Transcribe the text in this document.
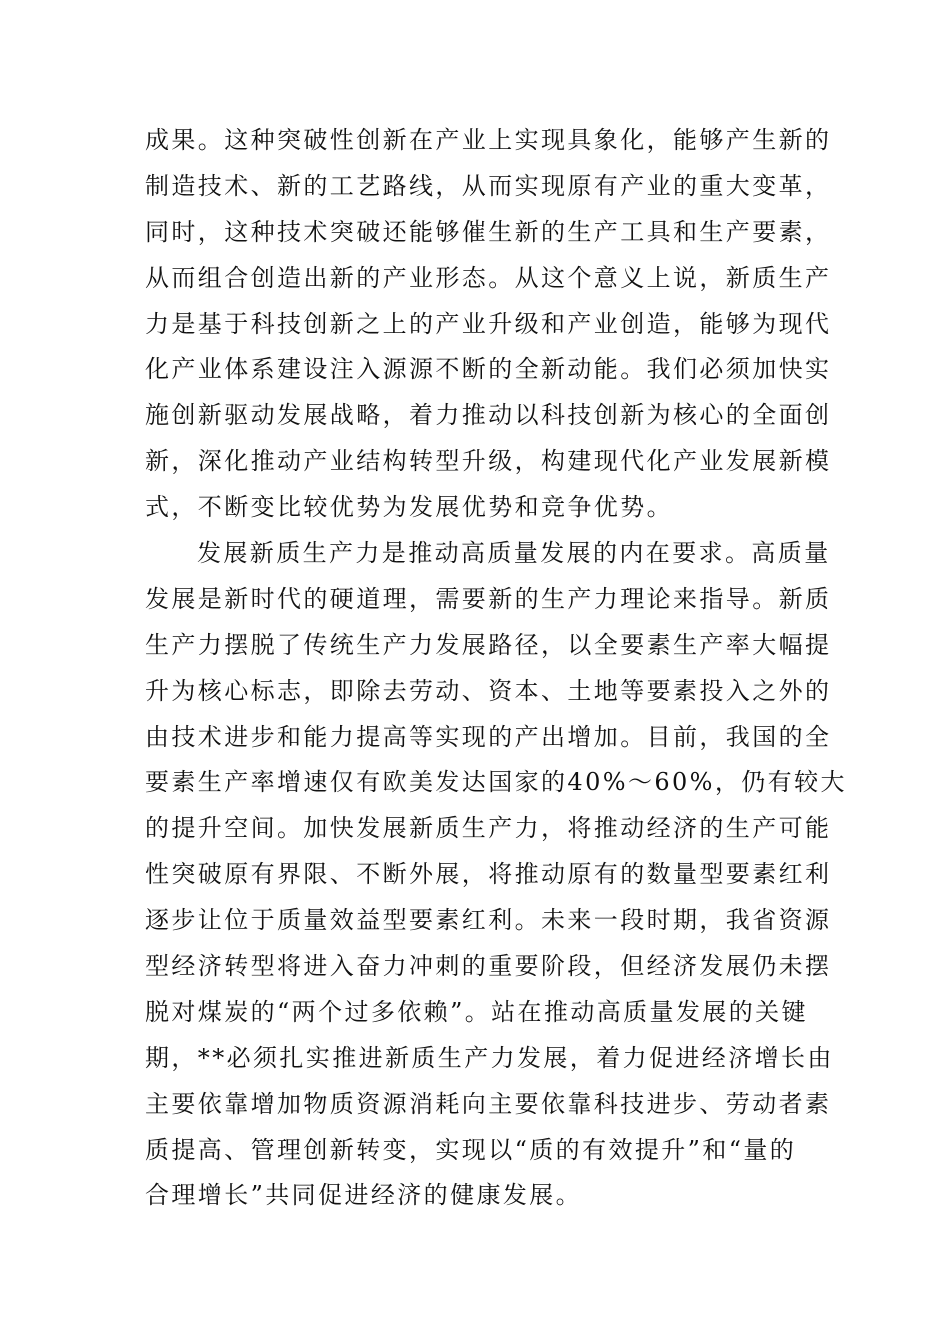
成果。这种突破性创新在产业上实现具象化，能够产生新的
制造技术、新的工艺路线，从而实现原有产业的重大变革，
同时，这种技术突破还能够催生新的生产工具和生产要素，
从而组合创造出新的产业形态。从这个意义上说，新质生产
力是基于科技创新之上的产业升级和产业创造，能够为现代
化产业体系建设注入源源不断的全新动能。我们必须加快实
施创新驱动发展战略，着力推动以科技创新为核心的全面创
新，深化推动产业结构转型升级，构建现代化产业发展新模
式，不断变比较优势为发展优势和竞争优势。
发展新质生产力是推动高质量发展的内在要求。高质量
发展是新时代的硬道理，需要新的生产力理论来指导。新质
生产力摆脱了传统生产力发展路径，以全要素生产率大幅提
升为核心标志，即除去劳动、资本、土地等要素投入之外的
由技术进步和能力提高等实现的产出增加。目前，我国的全
要素生产率增速仅有欧美发达国家的40%～60%，仍有较大
的提升空间。加快发展新质生产力，将推动经济的生产可能
性突破原有界限、不断外展，将推动原有的数量型要素红利
逐步让位于质量效益型要素红利。未来一段时期，我省资源
型经济转型将进入奋力冲刺的重要阶段，但经济发展仍未摆
脱对煤炭的“两个过多依赖”。站在推动高质量发展的关键
期，**必须扎实推进新质生产力发展，着力促进经济增长由
主要依靠增加物质资源消耗向主要依靠科技进步、劳动者素
质提高、管理创新转变，实现以“质的有效提升”和“量的
合理增长”共同促进经济的健康发展。
